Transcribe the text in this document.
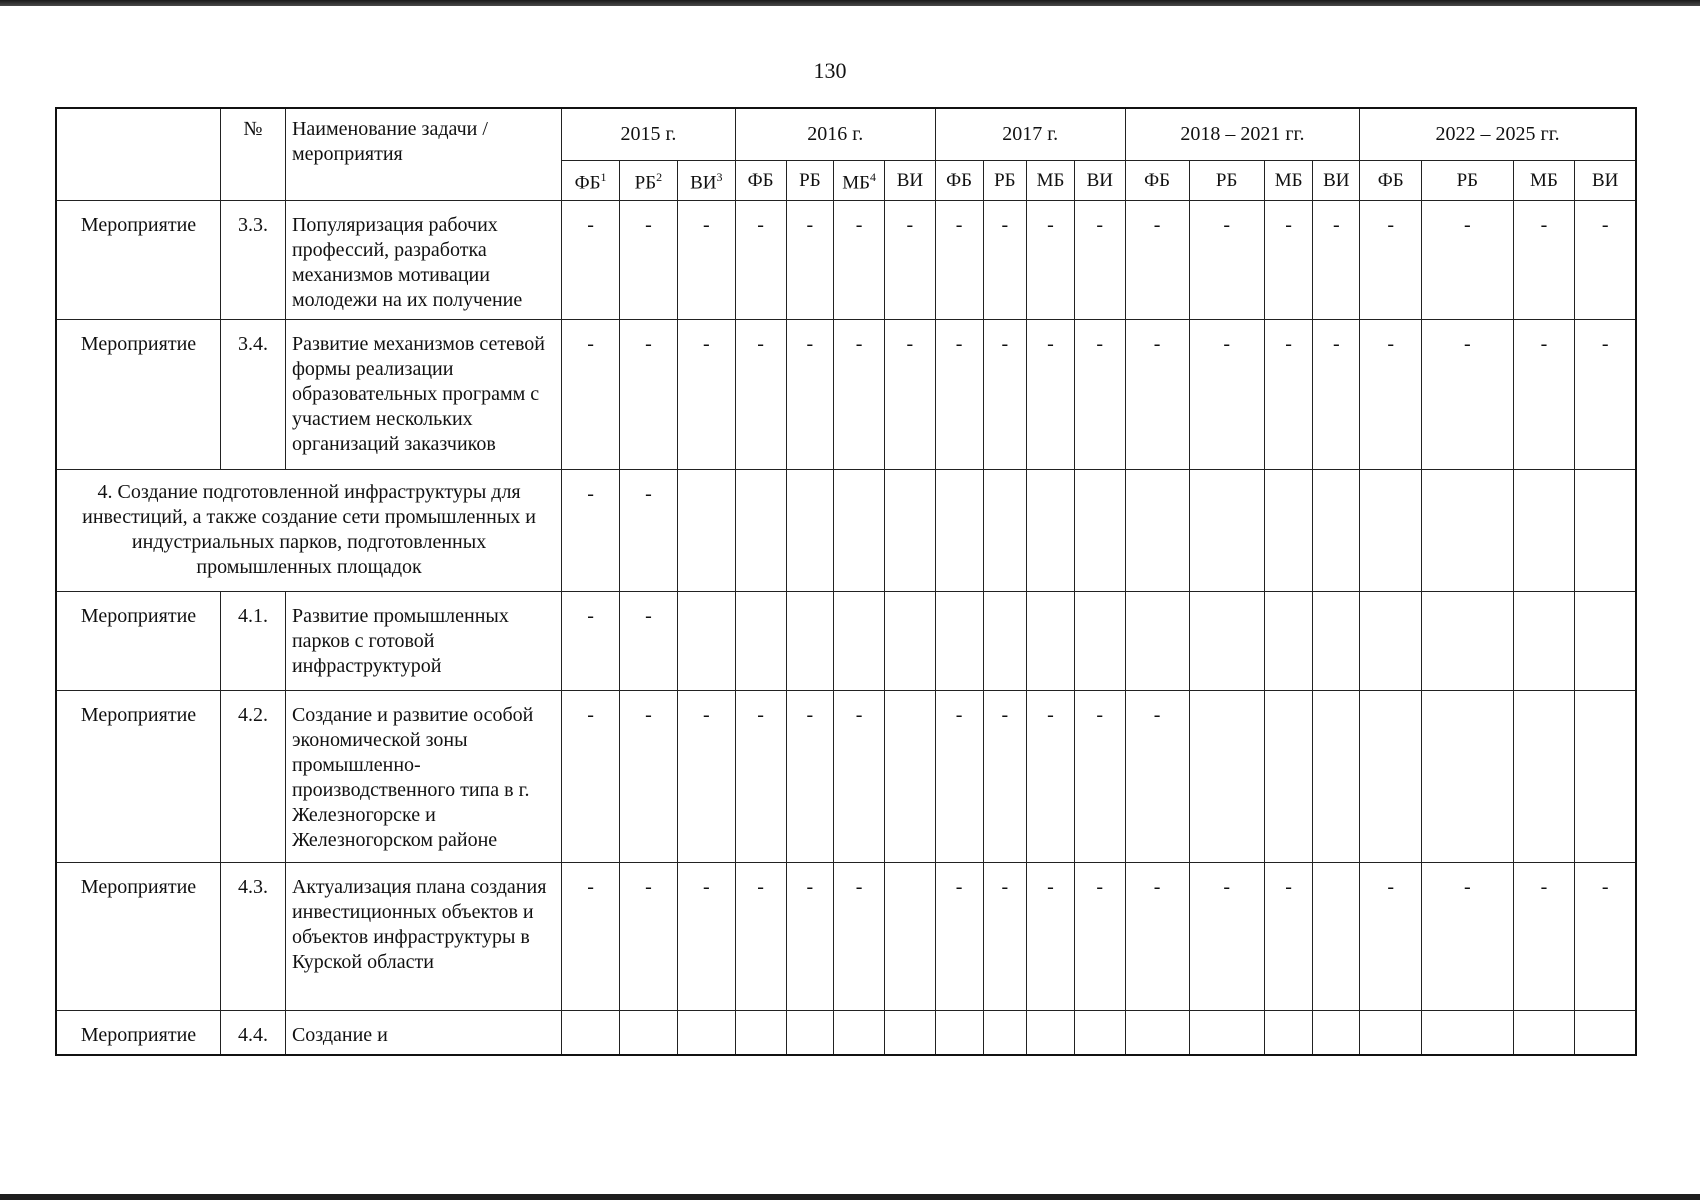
130
	№	Наименование задачи / мероприятия	2015 г.			2016 г.				2017 г.				2018 – 2021 гг.				2022 – 2025 гг.			
			$ФБ^1$	$РБ^2$	$ВИ^3$	ФБ	РБ	$МБ^4$	ВИ	ФБ	РБ	МБ	ВИ	ФБ	РБ	МБ	ВИ	ФБ	РБ	МБ	ВИ
Мероприятие	3.3.	Популяризация рабочих профессий, разработка механизмов мотивации молодежи на их получение	-	-	-	-	-	-	-	-	-	-	-	-	-	-	-	-	-	-	-
Мероприятие	3.4.	Развитие механизмов сетевой формы реализации образовательных программ с участием нескольких организаций заказчиков	-	-	-	-	-	-	-	-	-	-	-	-	-	-	-	-	-	-	-
4. Создание подготовленной инфраструктуры для инвестиций, а также создание сети промышленных и индустриальных парков, подготовленных промышленных площадок			-	-																	
Мероприятие	4.1.	Развитие промышленных парков с готовой инфраструктурой	-	-																	
Мероприятие	4.2.	Создание и развитие особой экономической зоны промышленно-производственного типа в г. Железногорске и Железногорском районе	-	-	-	-	-	-		-	-	-	-	-							
Мероприятие	4.3.	Актуализация плана создания инвестиционных объектов и объектов инфраструктуры в Курской области	-	-	-	-	-	-		-	-	-	-	-	-	-		-	-	-	-
Мероприятие	4.4.	Создание и																			
